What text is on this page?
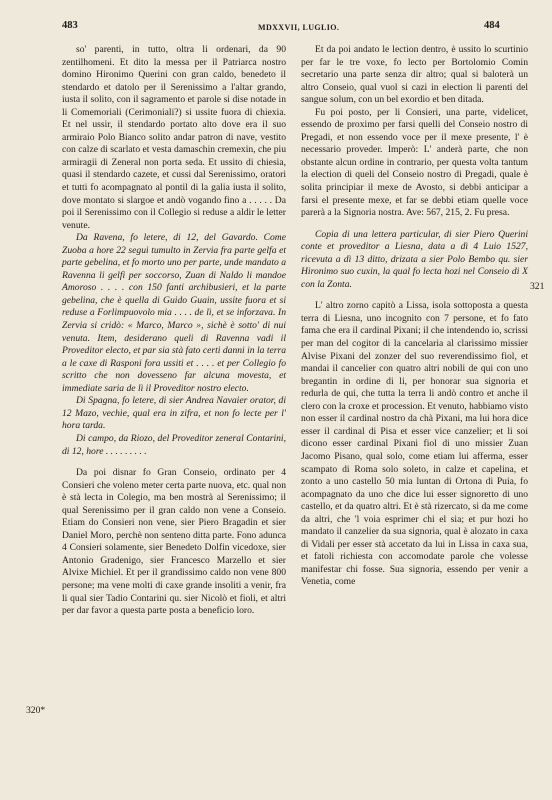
483	MDXXVII, LUGLIO.	484

so' parenti, in tutto, oltra li ordenari, da 90 zentilhomeni. Et dito la messa per il Patriarca nostro domino Hironimo Querini con gran caldo, benedeto il stendardo et datolo per il Serenissimo a l'altar grando, iusta il solito, con il sagramento et parole si dise notade in li Comemoriali (Cerimoniali?) si ussite fuora di chiexia. Et nel ussir, il stendardo portato alto dove era il suo armiraio Polo Bianco solito andar patron di nave, vestito con calze di scarlato et vesta damaschin cremexin, che piu armiragii di Zeneral non porta seda. Et ussito di chiesia, quasi il stendardo cazete, et cussi dal Serenissimo, oratori et tutti fo acompagnato al pontil di la galia iusta il solito, dove montato si slargoe et andò vogando fino a . . . . . Da poi il Serenissimo con il Collegio si reduse a aldir le letter venute.

Da Ravena, fo letere, di 12, del Gavardo. Come Zuoba a hore 22 seguì tumulto in Zervia fra parte gelfa et parte gebelina, et fo morto uno per parte, unde mandato a Ravenna li gelfi per soccorso, Zuan di Naldo li mandoe Amoroso . . . . con 150 fanti archibusieri, et la parte gebelina, che è quella di Guido Guain, ussite fuora et si reduse a Forlimpuovolo mia . . . . de lì, et se inforzava. In Zervia si cridò: « Marco, Marco », sichè è sotto' di nui venuta. Item, desiderano queli di Ravenna vadi il Proveditor electo, et par sia stà fato certi danni in la terra a le caxe di Rasponi fora ussiti et . . . . et per Collegio fo scritto che non dovesseno far alcuna movesta, et immediate saria de lì il Proveditor nostro electo.

Di Spagna, fo letere, di sier Andrea Navaier orator, di 12 Mazo, vechie, qual era in zifra, et non fo lecte per l' hora tarda.

Di campo, da Riozo, del Proveditor zeneral Contarini, di 12, hore . . . . . . . . .

Da poi disnar fo Gran Conseio, ordinato per 4 Consieri che voleno meter certa parte nuova, etc. qual non è stà lecta in Colegio, ma ben mostrà al Serenissimo; il qual Serenissimo per il gran caldo non vene a Conseio. Etiam do Consieri non vene, sier Piero Bragadin et sier Daniel Moro, perchè non senteno ditta parte. Fono adunca 4 Consieri solamente, sier Benedeto Dolfin vicedoxe, sier Antonio Gradenigo, sier Francesco Marzello et sier Alvixe Michiel. Et per il grandissimo caldo non vene 800 persone; ma vene molti di caxe grande insoliti a venir, fra li qual sier Tadio Contarini qu. sier Nicolò et fioli, et altri per dar favor a questa parte posta a beneficio loro.

Et da poi andato le lection dentro, è ussito lo scurtinio per far le tre voxe, fo lecto per Bortolomio Comin secretario una parte senza dir altro; qual si baloterà un altro Conseio, qual vuol si cazi in election li parenti del sangue solum, con un bel exordio et ben ditada.

Fu poi posto, per li Consieri, una parte, videlicet, essendo de proximo per farsi quelli del Conseio nostro di Pregadi, et non essendo voce per il mexe presente, l' è necessario proveder. Imperò: L' anderà parte, che non obstante alcun ordine in contrario, per questa volta tantum la election di queli del Conseio nostro di Pregadi, quale è solita principiar il mexe de Avosto, si debbi anticipar a farsi el presente mexe, et far se debbi etiam quelle voce parerà a la Signoria nostra. Ave: 567, 215, 2. Fu presa.

Copia di una lettera particular, di sier Piero Querini conte et proveditor a Liesna, data a dì 4 Luio 1527, ricevuta a dì 13 ditto, drizata a sier Polo Bembo qu. sier Hironimo suo cuxin, la qual fo lecta hozi nel Conseio di X con la Zonta.

L' altro zorno capitò a Lissa, isola sottoposta a questa terra di Liesna, uno incognito con 7 persone, et fo fato fama che era il cardinal Pixani; il che intendendo io, scrissi per man del cogitor di la cancelaria al clarissimo missier Alvise Pixani del zonzer del suo reverendissimo fiol, et mandai il cancelier con quatro altri nobili de qui con uno bregantin in ordine di li, per honorar sua signoria et redurla de qui, che tutta la terra li andò contro et anche il clero con la croxe et procession. Et venuto, habbiamo visto non esser il cardinal nostro da chà Pixani, ma lui hora dice esser il cardinal di Pisa et esser vice canzelier; et li soi dicono esser cardinal Pixani fiol di uno missier Zuan Jacomo Pisano, qual solo, come etiam lui afferma, esser scampato di Roma solo soleto, in calze et capelina, et zonto a uno castello 50 mia luntan di Ortona di Puia, fo acompagnato da uno che dice lui esser signoretto di uno castello, et da quatro altri. Et è stà rizercato, si da me come da altri, che 'l voia esprimer chi el sia; et pur hozi ho mandato il canzelier da sua signoria, qual è alozato in caxa di Vidali per esser stà accetato da lui in Lissa in caxa sua, et fatoli richiesta con accomodate parole che volesse manifestar chi fosse. Sua signoria, essendo per venir a Venetia, come

320*
321
